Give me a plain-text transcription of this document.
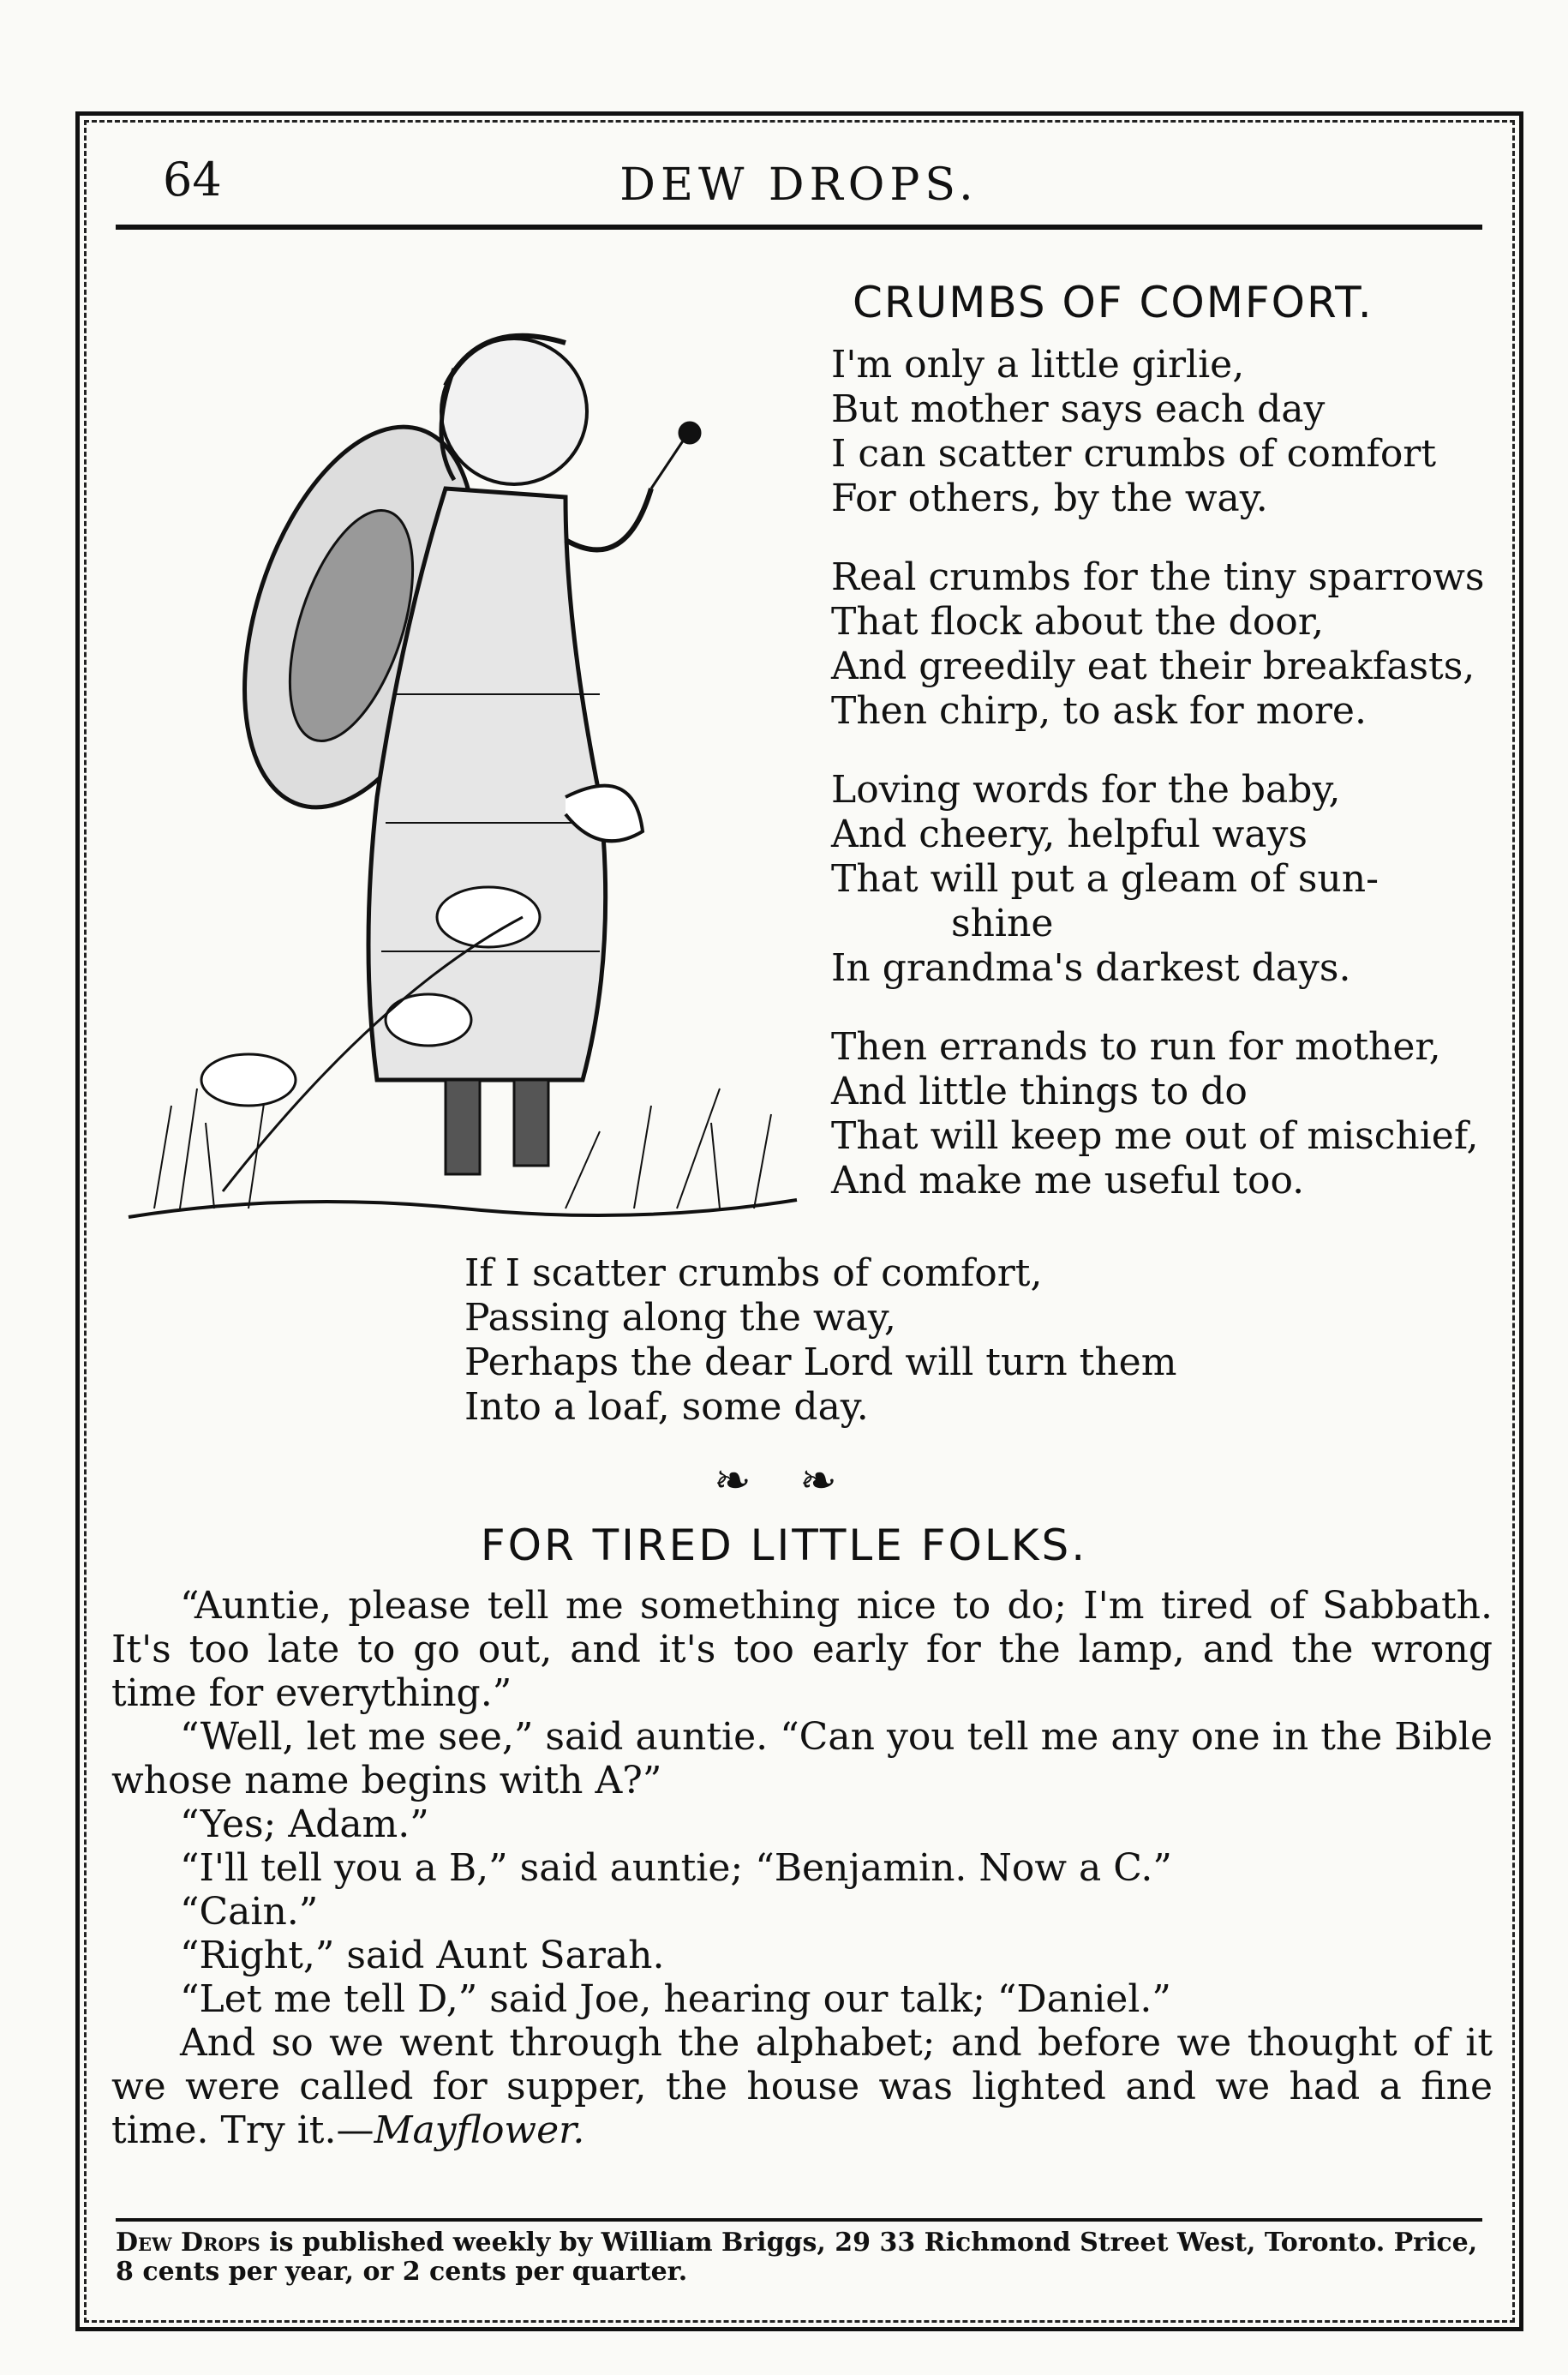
64	DEW DROPS.
CRUMBS OF COMFORT.
I'm only a little girlie,
But mother says each day
I can scatter crumbs of comfort
For others, by the way.
Real crumbs for the tiny sparrows
That flock about the door,
And greedily eat their breakfasts,
Then chirp, to ask for more.
Loving words for the baby,
And cheery, helpful ways
That will put a gleam of sun-
shine
In grandma's darkest days.
Then errands to run for mother,
And little things to do
That will keep me out of mischief,
And make me useful too.
If I scatter crumbs of comfort,
Passing along the way,
Perhaps the dear Lord will turn them
Into a loaf, some day.
❧ ❧
FOR TIRED LITTLE FOLKS.

“Auntie, please tell me something nice to do; I'm tired of Sabbath. It's too late to go out, and it's too early for the lamp, and the wrong time for everything.”

“Well, let me see,” said auntie. “Can you tell me any one in the Bible whose name begins with A?”

“Yes; Adam.”

“I'll tell you a B,” said auntie; “Benjamin. Now a C.”

“Cain.”

“Right,” said Aunt Sarah.

“Let me tell D,” said Joe, hearing our talk; “Daniel.”

And so we went through the alphabet; and before we thought of it we were called for supper, the house was lighted and we had a fine time. Try it.—Mayflower.

Dew Drops is published weekly by William Briggs, 29 33 Richmond Street West, Toronto. Price, 8 cents per year, or 2 cents per quarter.
